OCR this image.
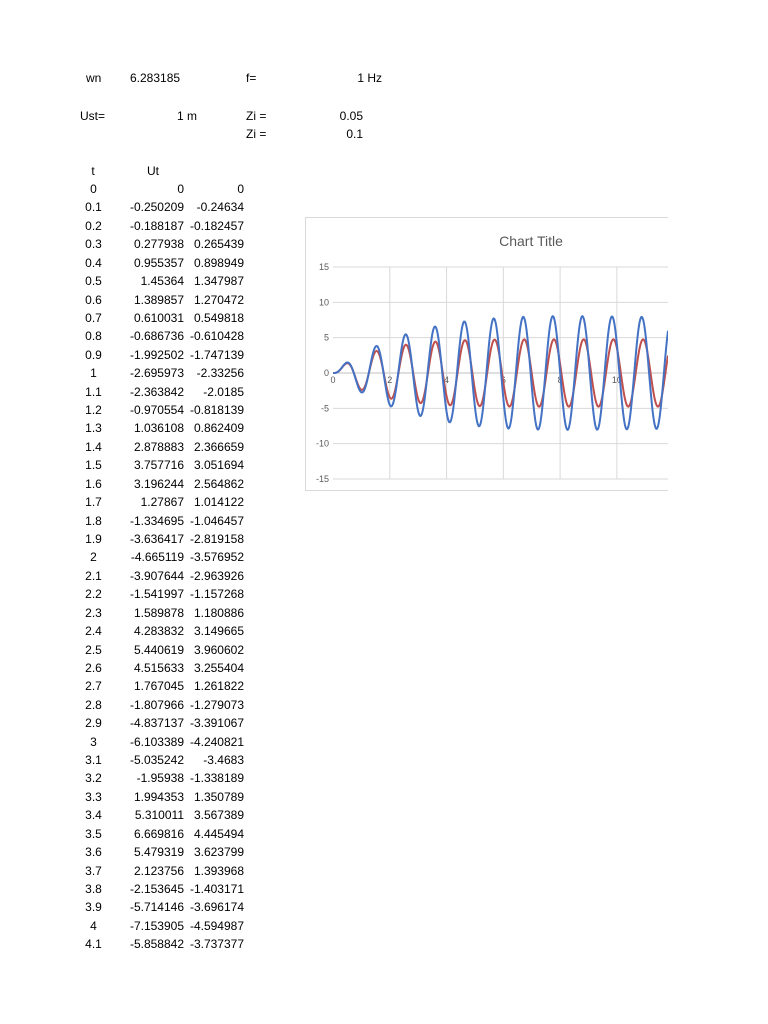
wn 6.283185	f=	1 Hz
Ust=	1 m	Zi =	0.05
Zi =	0.1
t	Ut
0	0	0
0.1	-0.250209	-0.24634
0.2	-0.188187 -0.182457
0.3	0.277938 0.265439
0.4	0.955357 0.898949
0.5	1.45364 1.347987
0.6	1.389857 1.270472
0.7	0.610031 0.549818
0.8	-0.686736 -0.610428
0.9	-1.992502 -1.747139
1	-2.695973	-2.33256
1.1	-2.363842	-2.0185
1.2	-0.970554 -0.818139
1.3	1.036108 0.862409
1.4	2.878883 2.366659
1.5	3.757716 3.051694
1.6	3.196244 2.564862
1.7	1.27867 1.014122
1.8	-1.334695 -1.046457
1.9	-3.636417 -2.819158
2	-4.665119 -3.576952
2.1	-3.907644 -2.963926
2.2	-1.541997 -1.157268
2.3	1.589878 1.180886
2.4	4.283832 3.149665
2.5	5.440619 3.960602
2.6	4.515633 3.255404
2.7	1.767045 1.261822
2.8	-1.807966 -1.279073
2.9	-4.837137 -3.391067
3	-6.103389 -4.240821
3.1	-5.035242	-3.4683
3.2	-1.95938 -1.338189
3.3	1.994353 1.350789
3.4	5.310011 3.567389
3.5	6.669816 4.445494
3.6	5.479319 3.623799
3.7	2.123756 1.393968
3.8	-2.153645 -1.403171
3.9	-5.714146 -3.696174
4	-7.153905 -4.594987
4.1	-5.858842 -3.737377
Chart Title
15
10
5
0
-5
-10
-15
0	2	4	6	8	10
